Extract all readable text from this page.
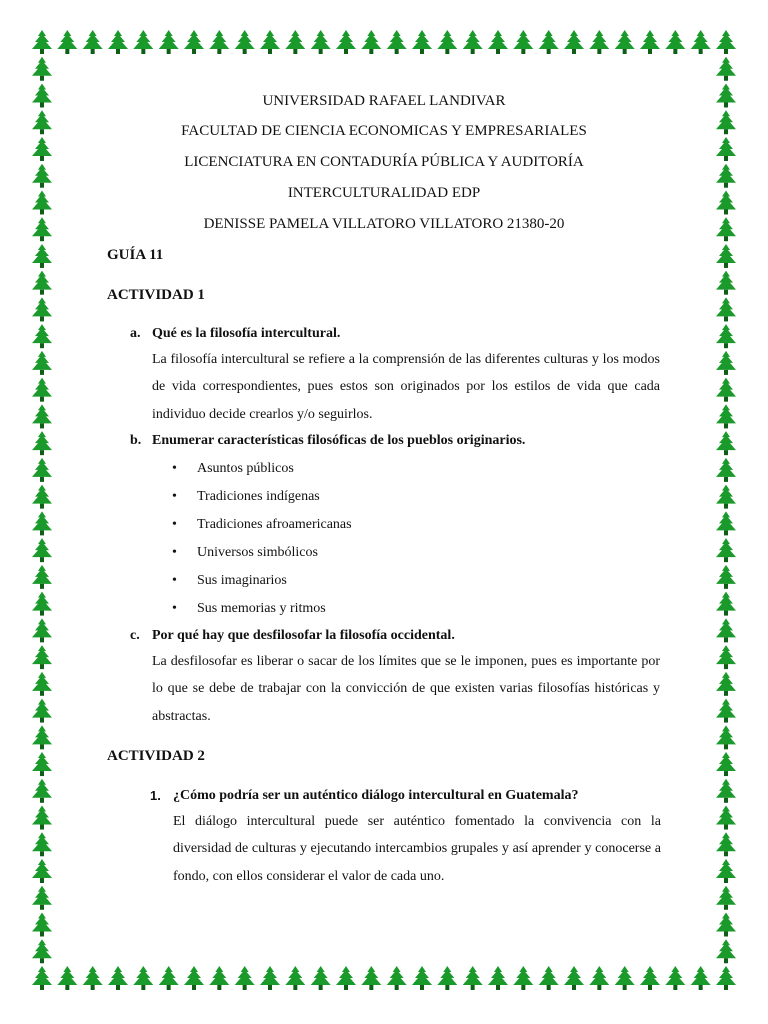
UNIVERSIDAD RAFAEL LANDIVAR
FACULTAD DE CIENCIA ECONOMICAS Y EMPRESARIALES
LICENCIATURA EN CONTADURÍA PÚBLICA Y AUDITORÍA
INTERCULTURALIDAD EDP
DENISSE PAMELA VILLATORO VILLATORO 21380-20
GUÍA 11
ACTIVIDAD 1
a. Qué es la filosofía intercultural.

La filosofía intercultural se refiere a la comprensión de las diferentes culturas y los modos de vida correspondientes, pues estos son originados por los estilos de vida que cada individuo decide crearlos y/o seguirlos.

b. Enumerar características filosóficas de los pueblos originarios.
• Asuntos públicos
• Tradiciones indígenas
• Tradiciones afroamericanas
• Universos simbólicos
• Sus imaginarios
• Sus memorias y ritmos
c. Por qué hay que desfilosofar la filosofía occidental.

La desfilosofar es liberar o sacar de los límites que se le imponen, pues es importante por lo que se debe de trabajar con la convicción de que existen varias filosofías históricas y abstractas.

ACTIVIDAD 2
1. ¿Cómo podría ser un auténtico diálogo intercultural en Guatemala?

El diálogo intercultural puede ser auténtico fomentado la convivencia con la diversidad de culturas y ejecutando intercambios grupales y así aprender y conocerse a fondo, con ellos considerar el valor de cada uno.
